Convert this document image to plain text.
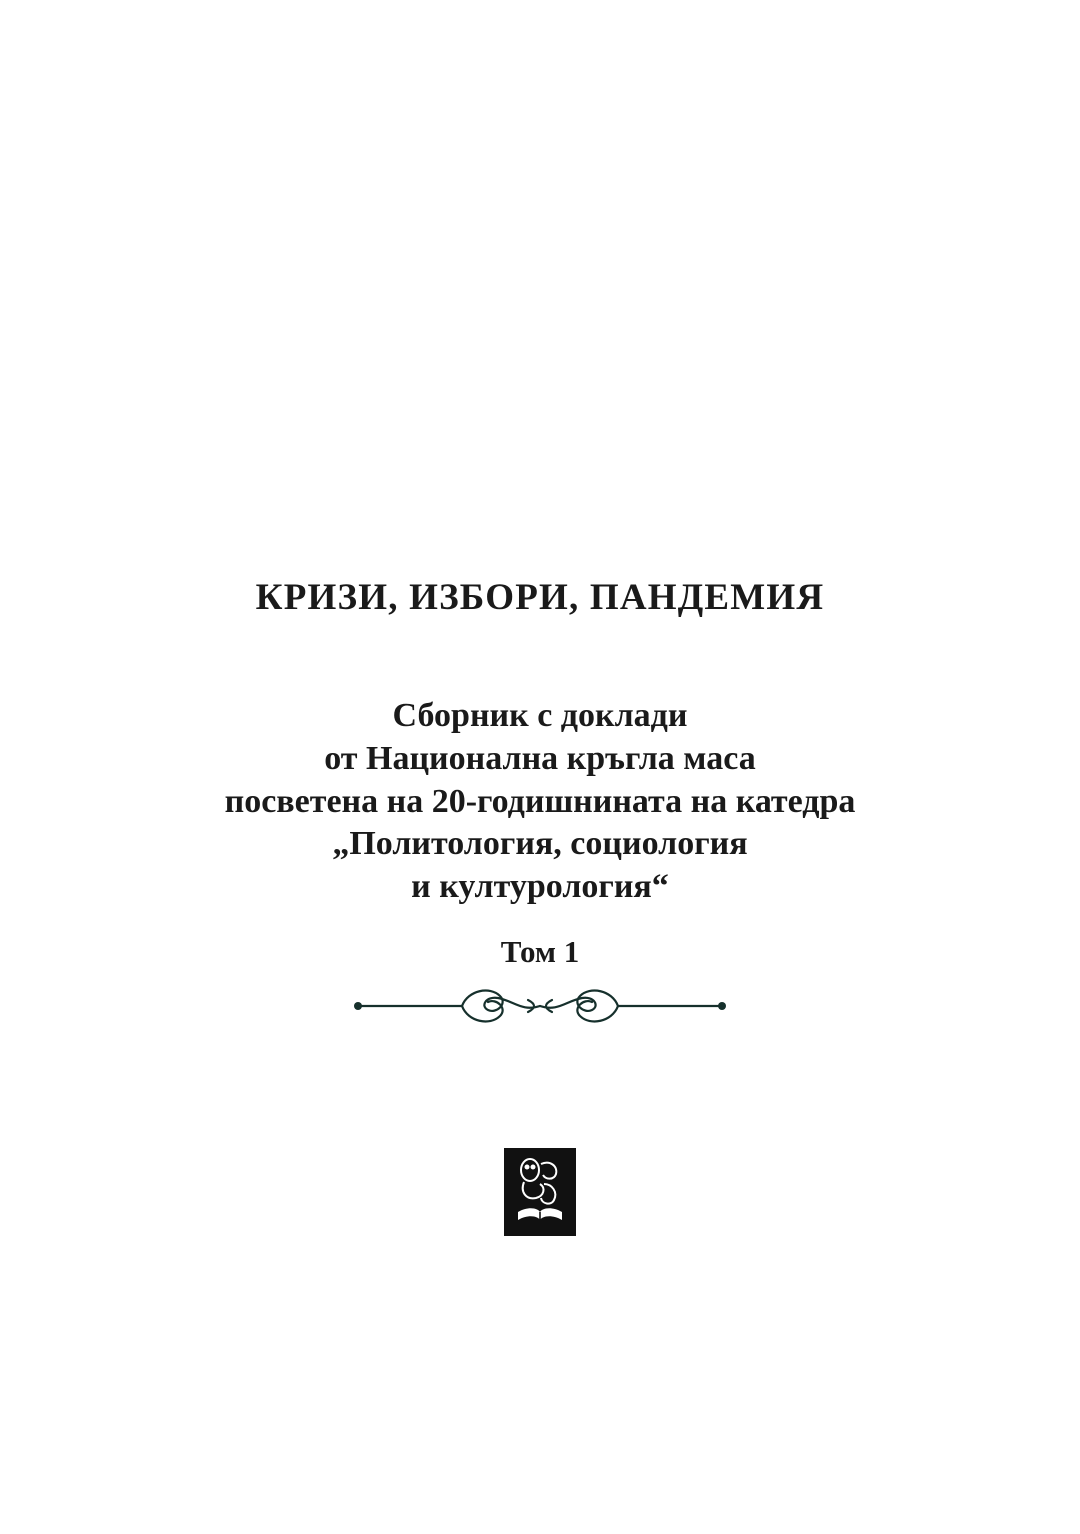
КРИЗИ, ИЗБОРИ, ПАНДЕМИЯ

Сборник с доклади

от Национална кръгла маса

посветена на 20-годишнината на катедра

„Политология, социология

и културология“

Том 1
